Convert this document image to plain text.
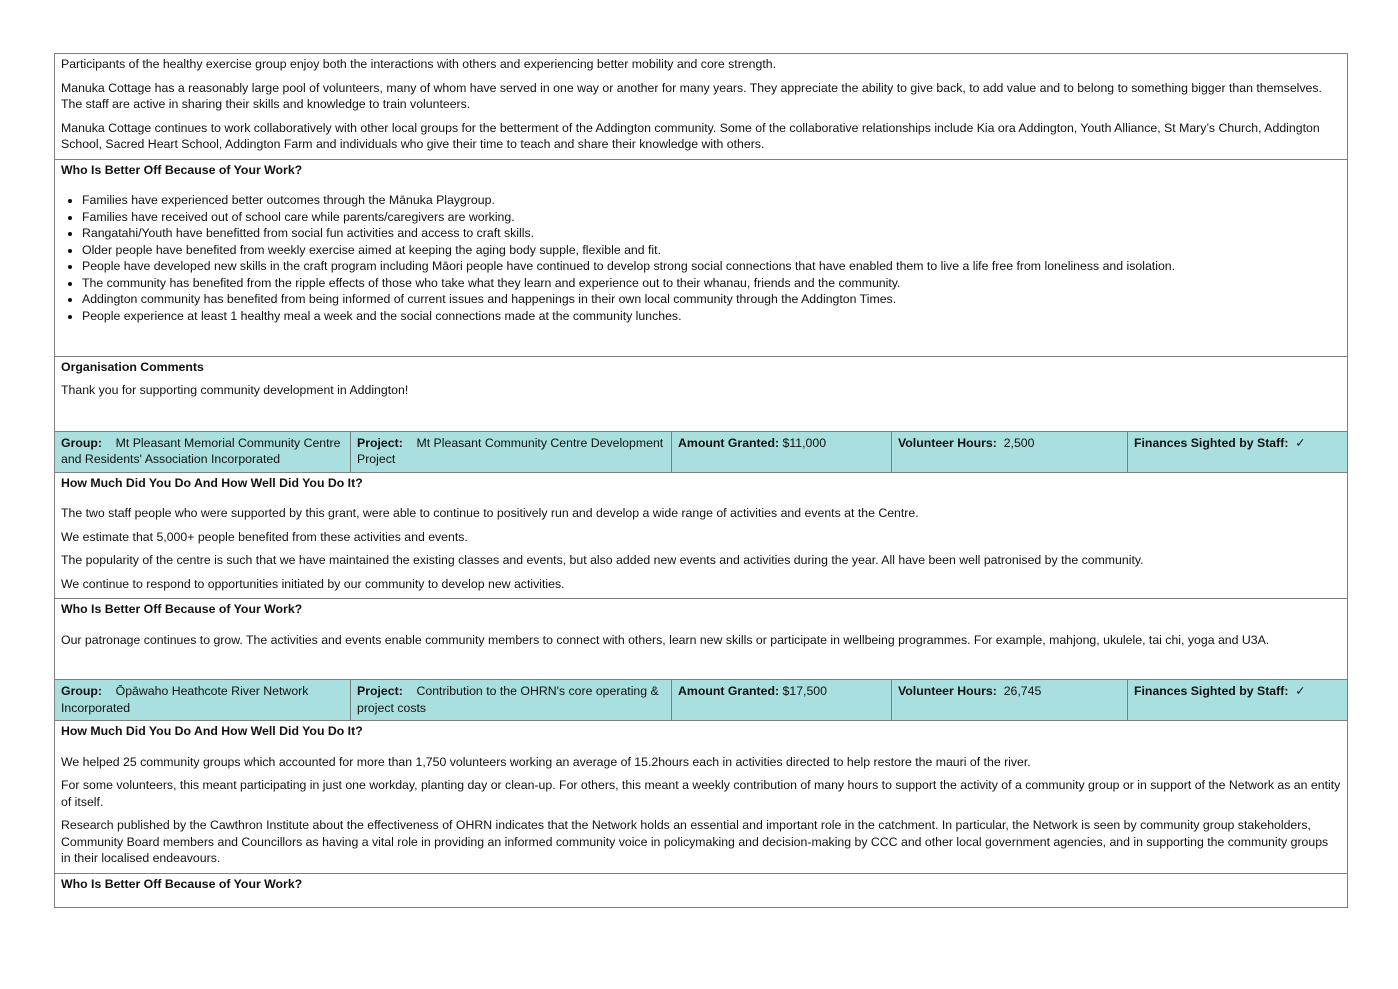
Participants of the healthy exercise group enjoy both the interactions with others and experiencing better mobility and core strength.

Manuka Cottage has a reasonably large pool of volunteers, many of whom have served in one way or another for many years. They appreciate the ability to give back, to add value and to belong to something bigger than themselves. The staff are active in sharing their skills and knowledge to train volunteers.

Manuka Cottage continues to work collaboratively with other local groups for the betterment of the Addington community. Some of the collaborative relationships include Kia ora Addington, Youth Alliance, St Mary’s Church, Addington School, Sacred Heart School, Addington Farm and individuals who give their time to teach and share their knowledge with others.

Who Is Better Off Because of Your Work?

• Families have experienced better outcomes through the Mānuka Playgroup.
• Families have received out of school care while parents/caregivers are working.
• Rangatahi/Youth have benefitted from social fun activities and access to craft skills.
• Older people have benefited from weekly exercise aimed at keeping the aging body supple, flexible and fit.
• People have developed new skills in the craft program including Māori people have continued to develop strong social connections that have enabled them to live a life free from loneliness and isolation.
• The community has benefited from the ripple effects of those who take what they learn and experience out to their whanau, friends and the community.
• Addington community has benefited from being informed of current issues and happenings in their own local community through the Addington Times.
• People experience at least 1 healthy meal a week and the social connections made at the community lunches.

Organisation Comments

Thank you for supporting community development in Addington!

Group: Mt Pleasant Memorial Community Centre and Residents' Association Incorporated
Project: Mt Pleasant Community Centre Development Project
Amount Granted: $11,000	Volunteer Hours: 2,500	Finances Sighted by Staff: ✓

How Much Did You Do And How Well Did You Do It?

The two staff people who were supported by this grant, were able to continue to positively run and develop a wide range of activities and events at the Centre.

We estimate that 5,000+ people benefited from these activities and events.

The popularity of the centre is such that we have maintained the existing classes and events, but also added new events and activities during the year. All have been well patronised by the community.

We continue to respond to opportunities initiated by our community to develop new activities.

Who Is Better Off Because of Your Work?

Our patronage continues to grow. The activities and events enable community members to connect with others, learn new skills or participate in wellbeing programmes. For example, mahjong, ukulele, tai chi, yoga and U3A.

Group: Ōpāwaho Heathcote River Network Incorporated
Project: Contribution to the OHRN's core operating & project costs
Amount Granted: $17,500	Volunteer Hours: 26,745	Finances Sighted by Staff: ✓

How Much Did You Do And How Well Did You Do It?

We helped 25 community groups which accounted for more than 1,750 volunteers working an average of 15.2hours each in activities directed to help restore the mauri of the river.

For some volunteers, this meant participating in just one workday, planting day or clean-up. For others, this meant a weekly contribution of many hours to support the activity of a community group or in support of the Network as an entity of itself.

Research published by the Cawthron Institute about the effectiveness of OHRN indicates that the Network holds an essential and important role in the catchment. In particular, the Network is seen by community group stakeholders, Community Board members and Councillors as having a vital role in providing an informed community voice in policymaking and decision-making by CCC and other local government agencies, and in supporting the community groups in their localised endeavours.

Who Is Better Off Because of Your Work?
